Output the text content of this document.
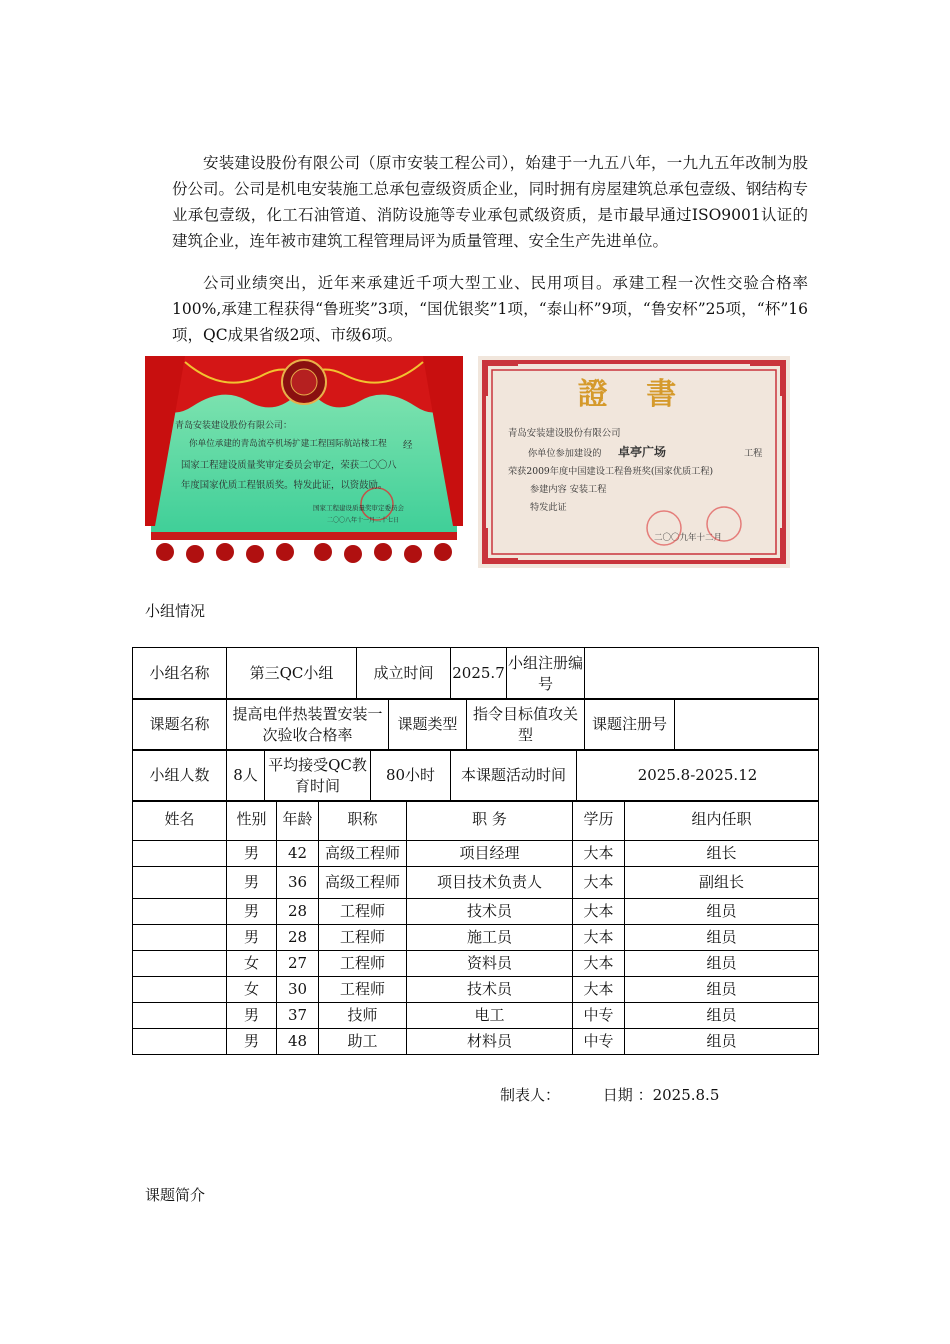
安装建设股份有限公司（原市安装工程公司），始建于一九五八年，一九九五年改制为股份公司。公司是机电安装施工总承包壹级资质企业，同时拥有房屋建筑总承包壹级、钢结构专业承包壹级，化工石油管道、消防设施等专业承包贰级资质，是市最早通过ISO9001认证的建筑企业，连年被市建筑工程管理局评为质量管理、安全生产先进单位。

公司业绩突出，近年来承建近千项大型工业、民用项目。承建工程一次性交验合格率100%,承建工程获得“鲁班奖”3项，“国优银奖”1项，“泰山杯”9项，“鲁安杯”25项，“杯”16项，QC成果省级2项、市级6项。

青岛安装建设股份有限公司：
你单位承建的青岛流亭机场扩建工程国际航站楼工程 经
国家工程建设质量奖审定委员会审定，荣获二〇〇八
年度国家优质工程银质奖。特发此证，以资鼓励。
国家工程建设质量奖审定委员会
二〇〇八年十一月二十七日
證 書
青岛安装建设股份有限公司
你单位参加建设的 卓亭广场	工程
荣获2009年度中国建设工程鲁班奖(国家优质工程)
参建内容 安装工程
特发此证
二〇〇九年十二月
小组情况
小组名称	第三QC小组	成立时间	2025.7	小组注册编号	
课题名称	提高电伴热装置安装一次验收合格率	课题类型	指令目标值攻关型	课题注册号	
小组人数	8人	平均接受QC教育时间	80小时	本课题活动时间	2025.8-2025.12
姓名	性别	年龄	职称	职 务	学历	组内任职
	男	42	高级工程师	项目经理	大本	组长
	男	36	高级工程师	项目技术负责人	大本	副组长
	男	28	工程师	技术员	大本	组员
	男	28	工程师	施工员	大本	组员
	女	27	工程师	资料员	大本	组员
	女	30	工程师	技术员	大本	组员
	男	37	技师	电工	中专	组员
	男	48	助工	材料员	中专	组员
制表人：	日期 ：2025.8.5
课题简介
